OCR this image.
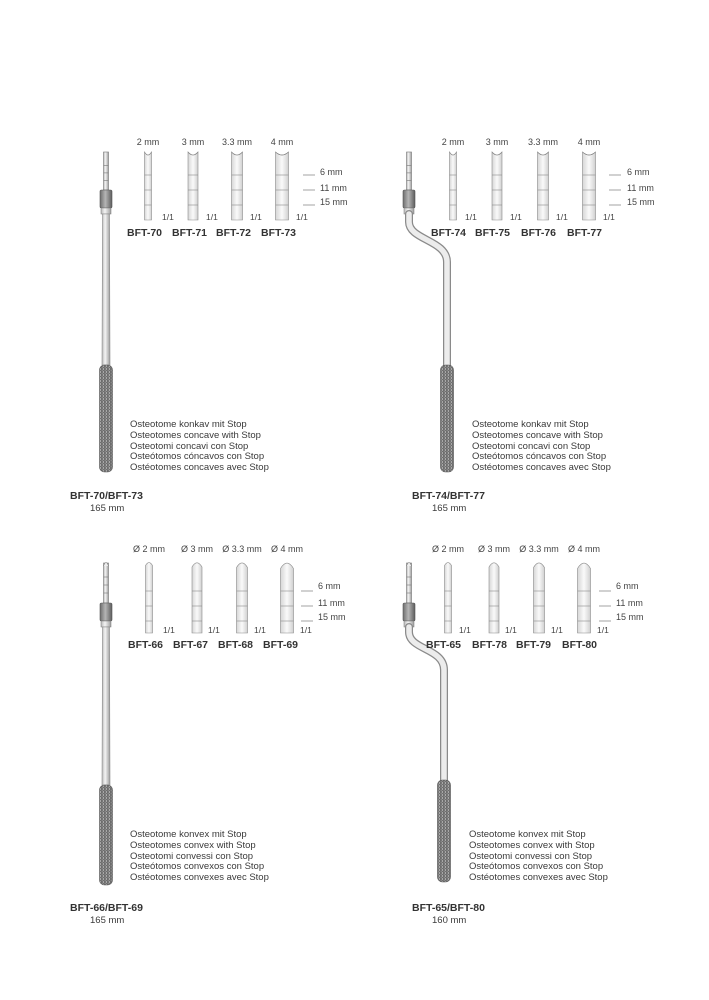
2 mm	3 mm 3.3 mm 4 mm
6 mm
11 mm
15 mm
1/1	1/1	1/1	1/1
BFT-70 BFT-71 BFT-72 BFT-73
Osteotome konkav mit Stop
Osteotomes concave with Stop
Osteotomi concavi con Stop
Osteótomos cóncavos con Stop
Ostéotomes concaves avec Stop
BFT-70/BFT-73
165 mm
2 mm 3 mm 3.3 mm 4 mm
6 mm
11 mm
15 mm
1/1	1/1	1/1	1/1
BFT-74 BFT-75 BFT-76 BFT-77
Osteotome konkav mit Stop
Osteotomes concave with Stop
Osteotomi concavi con Stop
Osteótomos cóncavos con Stop
Ostéotomes concaves avec Stop
BFT-74/BFT-77
165 mm
Ø 2 mm Ø 3 mm Ø 3.3 mm Ø 4 mm
6 mm
11 mm
15 mm
1/1	1/1	1/1	1/1
BFT-66 BFT-67 BFT-68 BFT-69
Osteotome konvex mit Stop
Osteotomes convex with Stop
Osteotomi convessi con Stop
Osteótomos convexos con Stop
Ostéotomes convexes avec Stop
BFT-66/BFT-69
165 mm
Ø 2 mm Ø 3 mm Ø 3.3 mm Ø 4 mm
6 mm
11 mm
15 mm
1/1	1/1	1/1	1/1
BFT-65 BFT-78 BFT-79 BFT-80
Osteotome konvex mit Stop
Osteotomes convex with Stop
Osteotomi convessi con Stop
Osteótomos convexos con Stop
Ostéotomes convexes avec Stop
BFT-65/BFT-80
160 mm
